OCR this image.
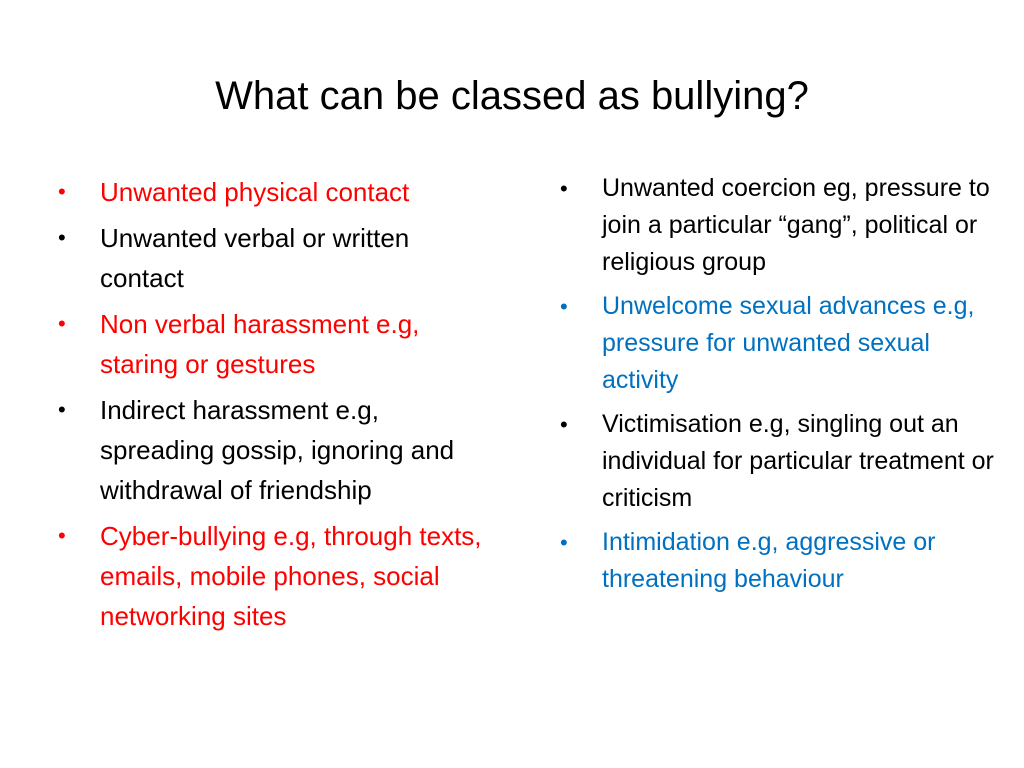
What can be classed as bullying?
•	Unwanted physical contact
•	Unwanted verbal or written contact
•	Non verbal harassment e.g, staring or gestures
•	Indirect harassment e.g, spreading gossip, ignoring and withdrawal of friendship
•	Cyber-bullying e.g, through texts, emails, mobile phones, social networking sites
•	Unwanted coercion eg, pressure to join a particular “gang”, political or religious group
•	Unwelcome sexual advances e.g, pressure for unwanted sexual activity
•	Victimisation e.g, singling out an individual for particular treatment or criticism
•	Intimidation e.g, aggressive or threatening behaviour
